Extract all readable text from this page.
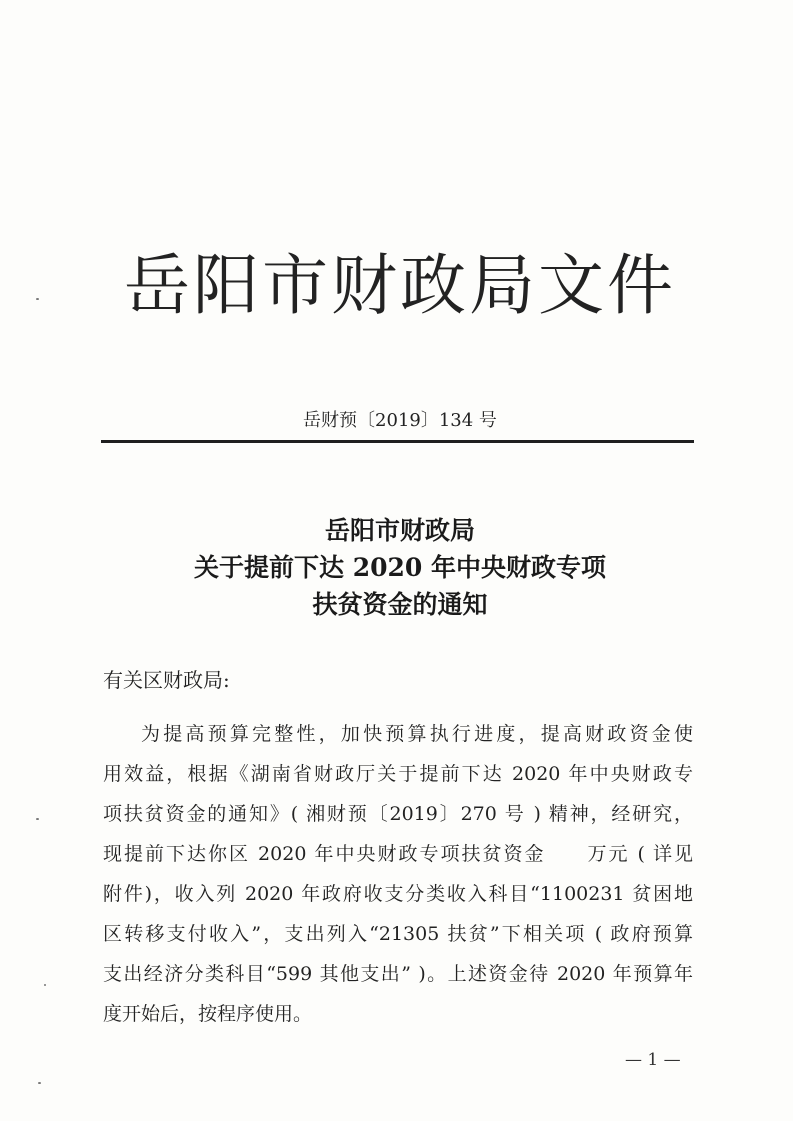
岳阳市财政局文件
岳财预〔2019〕134 号
岳阳市财政局
关于提前下达 2020 年中央财政专项
扶贫资金的通知
有关区财政局:
为提高预算完整性，加快预算执行进度，提高财政资金使
用效益，根据《湖南省财政厅关于提前下达 2020 年中央财政专
项扶贫资金的通知》( 湘财预〔2019〕270 号 ) 精神，经研究，
现提前下达你区 2020 年中央财政专项扶贫资金　　万元 ( 详见
附件)，收入列 2020 年政府收支分类收入科目“1100231 贫困地
区转移支付收入”，支出列入“21305 扶贫”下相关项 ( 政府预算
支出经济分类科目“599 其他支出” )。上述资金待 2020 年预算年
度开始后，按程序使用。
— 1 —
